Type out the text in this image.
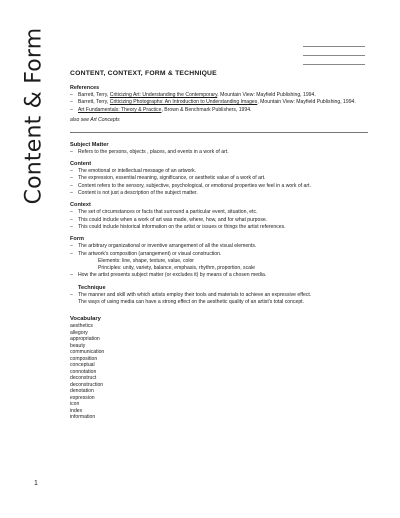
Content & Form	CONTENT, CONTEXT, FORM & TECHNIQUE
References
– Barrett, Terry, Criticizing Art: Understanding the Contemporary. Mountain View: Mayfield Publishing, 1994.
– Barrett, Terry, Criticizing Photographs: An Introduction to Understanding Images, Mountain View: Mayfield Publishing, 1994.
– Art Fundamentals: Theory & Practice, Brown & Benchmark Publishers, 1994.
also see Art Concepts
Subject Matter
– Refers to the persons, objects , places, and events in a work of art.
Content
– The emotional or intellectual message of an artwork.
– The expression, essential meaning, significance, or aesthetic value of a work of art.
– Content refers to the sensory, subjective, psychological, or emotional properties we feel in a work of art.
– Content is not just a description of the subject matter.
Context
– The set of circumstances or facts that surround a particular event, situation, etc.
– This could include when a work of art was made, where, how, and for what purpose.
– This could include historical information on the artist or issues or things the artist references.
Form
– The arbitrary organizational or inventive arrangement of all the visual elements.
– The artwork's composition (arrangement) or visual construction.
Elements: line, shape, texture, value, color
Principles: unity, variety, balance, emphasis, rhythm, proportion, scale
– How the artist presents subject matter (or excludes it) by means of a chosen media.
Technique
– The manner and skill with which artists employ their tools and materials to achieve an expressive effect.
The ways of using media can have a strong effect on the aesthetic quality of an artist's total concept.
Vocabulary
aesthetics
allegory
appropriation
beauty
communication
composition
conceptual
connotation
deconstruct
deconstruction
denotation
expression
icon
index
information
1
